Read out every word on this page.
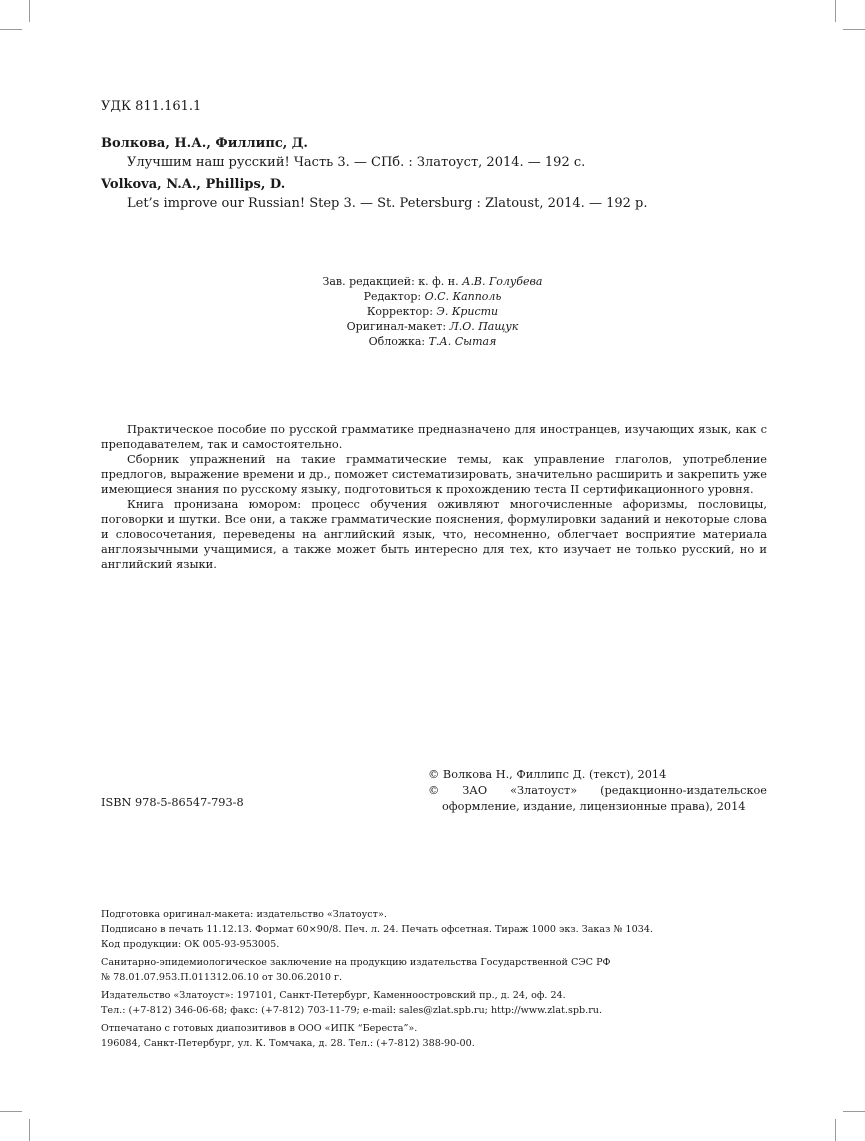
УДК 811.161.1
Волкова, Н.А., Филлипс, Д.
Улучшим наш русский! Часть 3. — СПб. : Златоуст, 2014. — 192 с.
Volkova, N.A., Phillips, D.
Let’s improve our Russian! Step 3. — St. Petersburg : Zlatoust, 2014. — 192 p.
Зав. редакцией: к. ф. н. А.В. Голубева
Редактор: О.С. Капполь
Корректор: Э. Кристи
Оригинал-макет: Л.О. Пащук
Обложка: Т.А. Сытая

Практическое пособие по русской грамматике предназначено для иностранцев, изучающих язык, как с преподавателем, так и самостоятельно.

Сборник упражнений на такие грамматические темы, как управление глаголов, употребление предлогов, выражение времени и др., поможет систематизировать, значительно расширить и закрепить уже имеющиеся знания по русскому языку, подготовиться к прохождению теста II сертификационного уровня.

Книга пронизана юмором: процесс обучения оживляют многочисленные афоризмы, пословицы, поговорки и шутки. Все они, а также грамматические пояснения, формулировки заданий и некоторые слова и словосочетания, переведены на английский язык, что, несомненно, облегчает восприятие материала англоязычными учащимися, а также может быть интересно для тех, кто изучает не только русский, но и английский языки.

© Волкова Н., Филлипс Д. (текст), 2014
© ЗАО «Златоуст» (редакционно-издательское оформление, издание, лицензионные права), 2014
ISBN 978-5-86547-793-8
Подготовка оригинал-макета: издательство «Златоуст».
Подписано в печать 11.12.13. Формат 60×90/8. Печ. л. 24. Печать офсетная. Тираж 1000 экз. Заказ № 1034.
Код продукции: ОК 005-93-953005.
Санитарно-эпидемиологическое заключение на продукцию издательства Государственной СЭС РФ
№ 78.01.07.953.П.011312.06.10 от 30.06.2010 г.
Издательство «Златоуст»: 197101, Санкт-Петербург, Каменноостровский пр., д. 24, оф. 24.
Тел.: (+7-812) 346-06-68; факс: (+7-812) 703-11-79; e-mail: sales@zlat.spb.ru; http://www.zlat.spb.ru.
Отпечатано с готовых диапозитивов в ООО «ИПК “Береста”».
196084, Санкт-Петербург, ул. К. Томчака, д. 28. Тел.: (+7-812) 388-90-00.
